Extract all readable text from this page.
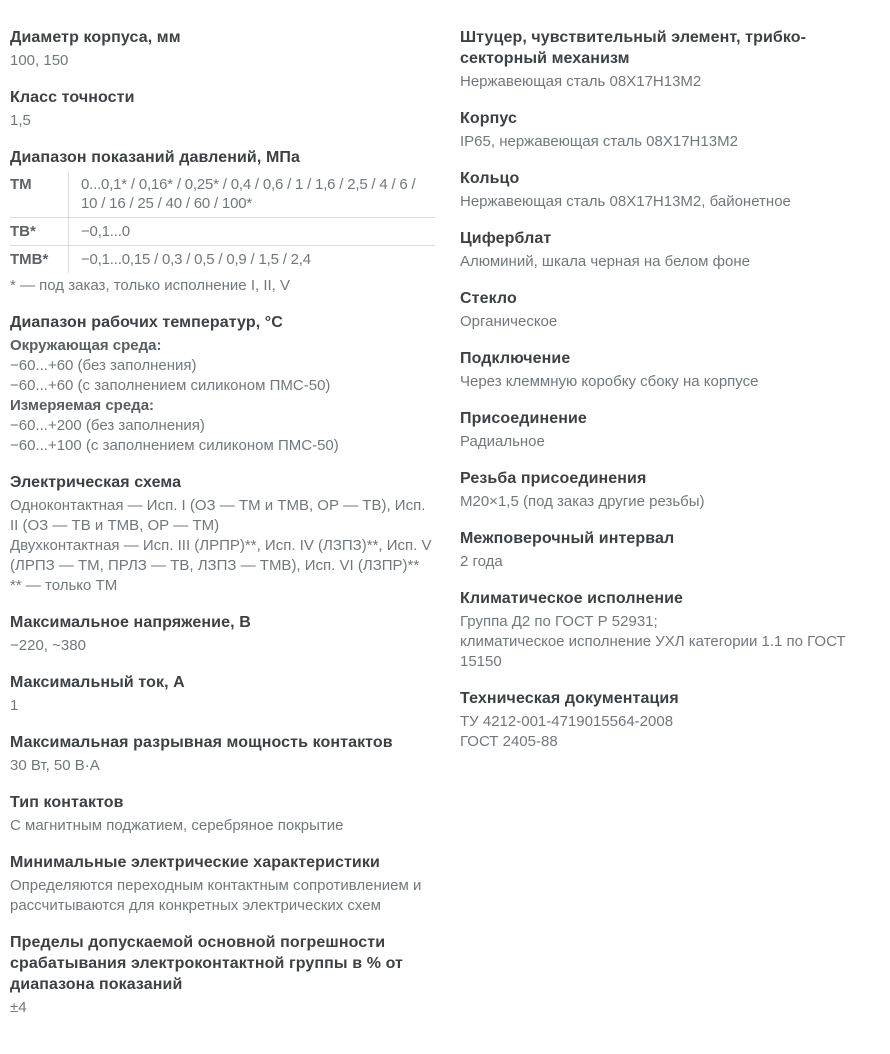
Диаметр корпуса, мм

100, 150

Класс точности

1,5

Диапазон показаний давлений, МПа
ТМ	0...0,1* / 0,16* / 0,25* / 0,4 / 0,6 / 1 / 1,6 / 2,5 / 4 / 6 / 10 / 16 / 25 / 40 / 60 / 100*
ТВ*	−0,1...0
ТМВ*	−0,1...0,15 / 0,3 / 0,5 / 0,9 / 1,5 / 2,4

* — под заказ, только исполнение I, II, V

Диапазон рабочих температур, °С

Окружающая среда:

−60...+60 (без заполнения)

−60...+60 (с заполнением силиконом ПМС-50)

Измеряемая среда:

−60...+200 (без заполнения)

−60...+100 (с заполнением силиконом ПМС-50)

Электрическая схема

Одноконтактная — Исп. I (ОЗ — ТМ и ТМВ, ОР — ТВ), Исп. II (ОЗ — ТВ и ТМВ, ОР — ТМ)

Двухконтактная — Исп. III (ЛРПР)**, Исп. IV (ЛЗПЗ)**, Исп. V (ЛРПЗ — ТМ, ПРЛЗ — ТВ, ЛЗПЗ — ТМВ), Исп. VI (ЛЗПР)**

** — только ТМ

Максимальное напряжение, В

−220, ~380

Максимальный ток, А

1

Максимальная разрывная мощность контактов

30 Вт, 50 В·А

Тип контактов

С магнитным поджатием, серебряное покрытие

Минимальные электрические характеристики

Определяются переходным контактным сопротивлением и рассчитываются для конкретных электрических схем

Пределы допускаемой основной погрешности срабатывания электроконтактной группы в % от диапазона показаний

±4

Штуцер, чувствительный элемент, трибко-секторный механизм

Нержавеющая сталь 08Х17Н13М2

Корпус

IP65, нержавеющая сталь 08Х17Н13М2

Кольцо

Нержавеющая сталь 08Х17Н13М2, байонетное

Циферблат

Алюминий, шкала черная на белом фоне

Стекло

Органическое

Подключение

Через клеммную коробку сбоку на корпусе

Присоединение

Радиальное

Резьба присоединения

М20×1,5 (под заказ другие резьбы)

Межповерочный интервал

2 года

Климатическое исполнение

Группа Д2 по ГОСТ Р 52931;

климатическое исполнение УХЛ категории 1.1 по ГОСТ 15150

Техническая документация

ТУ 4212-001-4719015564-2008

ГОСТ 2405-88
